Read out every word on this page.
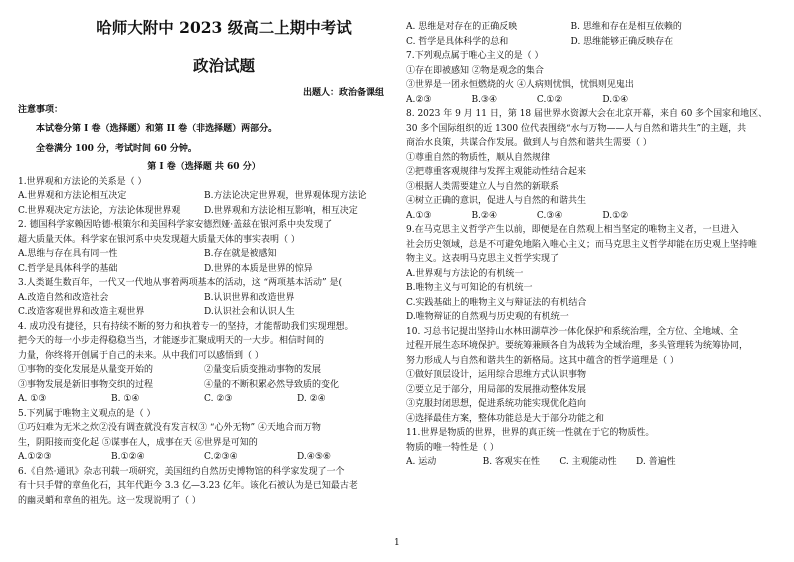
哈师大附中 2023 级高二上期中考试
政治试题
出题人：政治备课组
注意事项：
本试卷分第 I 卷（选择题）和第 II 卷（非选择题）两部分。
全卷满分 100 分，考试时间 60 分钟。
第 I 卷（选择题 共 60 分）
1.世界观和方法论的关系是（ ）
A.世界观和方法论相互决定	B.方法论决定世界观，世界观体现方法论
C.世界观决定方法论，方法论体现世界观	D.世界观和方法论相互影响，相互决定
2. 德国科学家赖因哈德·根策尔和美国科学家安德烈娅·盖兹在银河系中央发现了
超大质量天体。科学家在银河系中央发现超大质量天体的事实表明（ ）
A.思维与存在具有同一性	B.存在就是被感知
C.哲学是具体科学的基础	D.世界的本质是世界的惊异
3.人类诞生数百年，一代又一代地从事着两项基本的活动，这 “两项基本活动” 是(
A.改造自然和改造社会	B.认识世界和改造世界
C.改造客观世界和改造主观世界	D.认识社会和认识人生
4. 成功没有捷径，只有持续不断的努力和执着专一的坚持，才能帮助我们实现理想。
把今天的每一小步走得稳稳当当，才能逐步汇聚成明天的一大步。相信时间的
力量，你终将开创属于自己的未来。从中我们可以感悟到（ ）
①事物的变化发展是从量变开始的	②量变后质变推动事物的发展
③事物发展是新旧事物交织的过程	④量的不断积累必然导致质的变化
A. ①③	B. ①④	C. ②③	D. ②④
5.下列属于唯物主义观点的是（ ）
①巧妇难为无米之炊②没有调查就没有发言权③ “心外无物” ④天地合而万物
生，阴阳接而变化起 ⑤谋事在人，成事在天 ⑥世界是可知的
A.①②③	B.①②④	C.②③④	D.④⑤⑥
6.《自然·通讯》杂志刊载一项研究，美国纽约自然历史博物馆的科学家发现了一个
有十只手臂的章鱼化石，其年代距今 3.3 亿—3.23 亿年。该化石被认为是已知最古老
的幽灵蛸和章鱼的祖先。这一发现说明了（ ）
A. 思维是对存在的正确反映	B. 思维和存在是相互依赖的
C. 哲学是具体科学的总和	D. 思维能够正确反映存在
7.下列观点属于唯心主义的是（ ）
①存在即被感知 ②物是观念的集合
③世界是一团永恒燃烧的火 ④人病则忧惧，忧惧则见鬼出
A.②③	B.③④	C.①②	D.①④
8. 2023 年 9 月 11 日，第 18 届世界水资源大会在北京开幕，来自 60 多个国家和地区、
30 多个国际组织的近 1300 位代表围绕“水与万物——人与自然和谐共生”的主题，共
商治水良策，共谋合作发展。做到人与自然和谐共生需要（ ）
①尊重自然的物质性，顺从自然规律
②把尊重客观规律与发挥主观能动性结合起来
③根据人类需要建立人与自然的新联系
④树立正确的意识，促进人与自然的和谐共生
A.①③	B.②④	C.③④	D.①②
9.在马克思主义哲学产生以前，即便是在自然观上相当坚定的唯物主义者，一旦进入
社会历史领域，总是不可避免地陷入唯心主义；而马克思主义哲学却能在历史观上坚持唯
物主义。这表明马克思主义哲学实现了
A.世界观与方法论的有机统一
B.唯物主义与可知论的有机统一
C.实践基础上的唯物主义与辩证法的有机结合
D.唯物辩证的自然观与历史观的有机统一
10. 习总书记提出坚持山水林田湖草沙一体化保护和系统治理，全方位、全地域、全
过程开展生态环境保护。要统筹兼顾各自为战转为全域治理，多头管理转为统筹协同，
努力形成人与自然和谐共生的新格局。这其中蕴含的哲学道理是（ ）
①做好顶层设计，运用综合思维方式认识事物
②要立足于部分，用局部的发展推动整体发展
③克服封闭思想，促进系统功能实现优化趋向
④选择最佳方案，整体功能总是大于部分功能之和
11.世界是物质的世界，世界的真正统一性就在于它的物质性。
物质的唯一特性是（ ）
A. 运动	B. 客观实在性	C. 主观能动性	D. 普遍性
1
